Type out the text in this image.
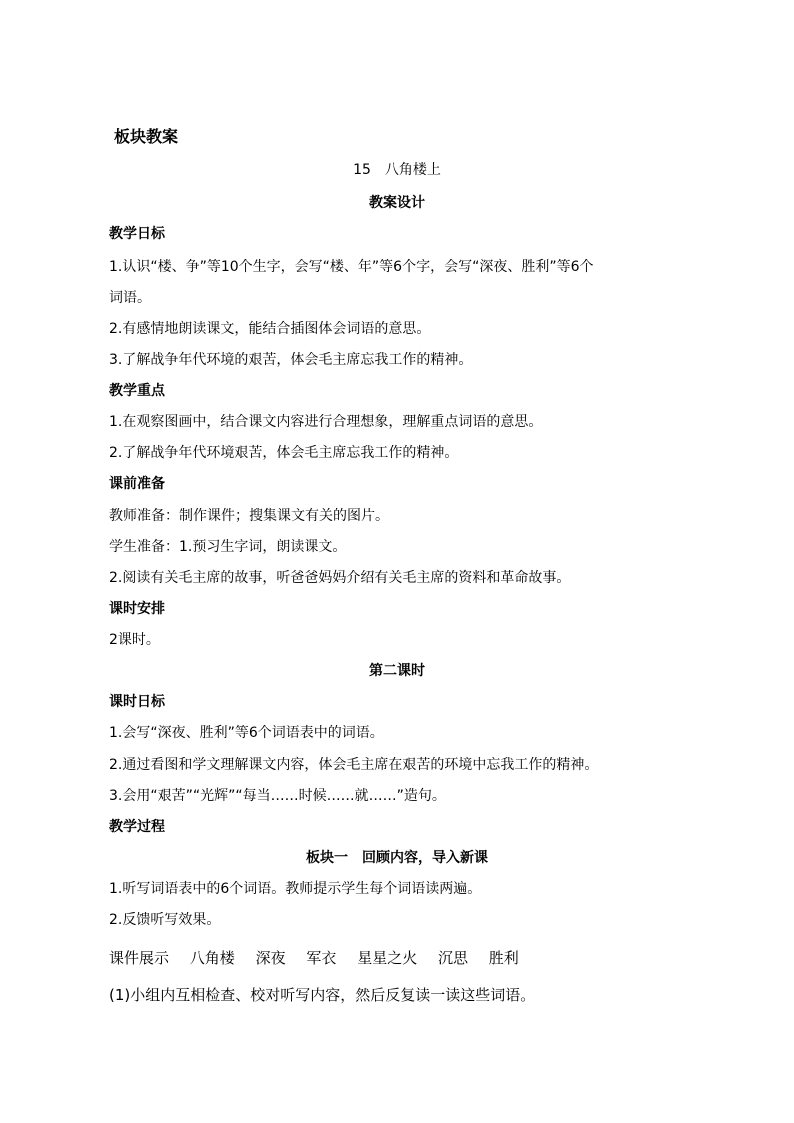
板块教案
15　八角楼上
教案设计
教学日标
1.认识“楼、争”等10个生字，会写“楼、年”等6个字，会写“深夜、胜利”等6个
词语。
2.有感情地朗读课文，能结合插图体会词语的意思。
3.了解战争年代环境的艰苦，体会毛主席忘我工作的精神。
教学重点
1.在观察图画中，结合课文内容进行合理想象，理解重点词语的意思。
2.了解战争年代环境艰苦，体会毛主席忘我工作的精神。
课前准备
教师准备：制作课件；搜集课文有关的图片。
学生准备：1.预习生字词，朗读课文。
2.阅读有关毛主席的故事，听爸爸妈妈介绍有关毛主席的资料和革命故事。
课时安排
2课时。
第二课时
课时日标
1.会写“深夜、胜利”等6个词语表中的词语。
2.通过看图和学文理解课文内容，体会毛主席在艰苦的环境中忘我工作的精神。
3.会用“艰苦”“光辉”“每当……时候……就……”造句。
教学过程
板块一　回顾内容，导入新课
1.听写词语表中的6个词语。教师提示学生每个词语读两遍。
2.反馈听写效果。
课件展示 八角楼 深夜 军衣 星星之火 沉思 胜利
(1)小组内互相检查、校对听写内容，然后反复读一读这些词语。
